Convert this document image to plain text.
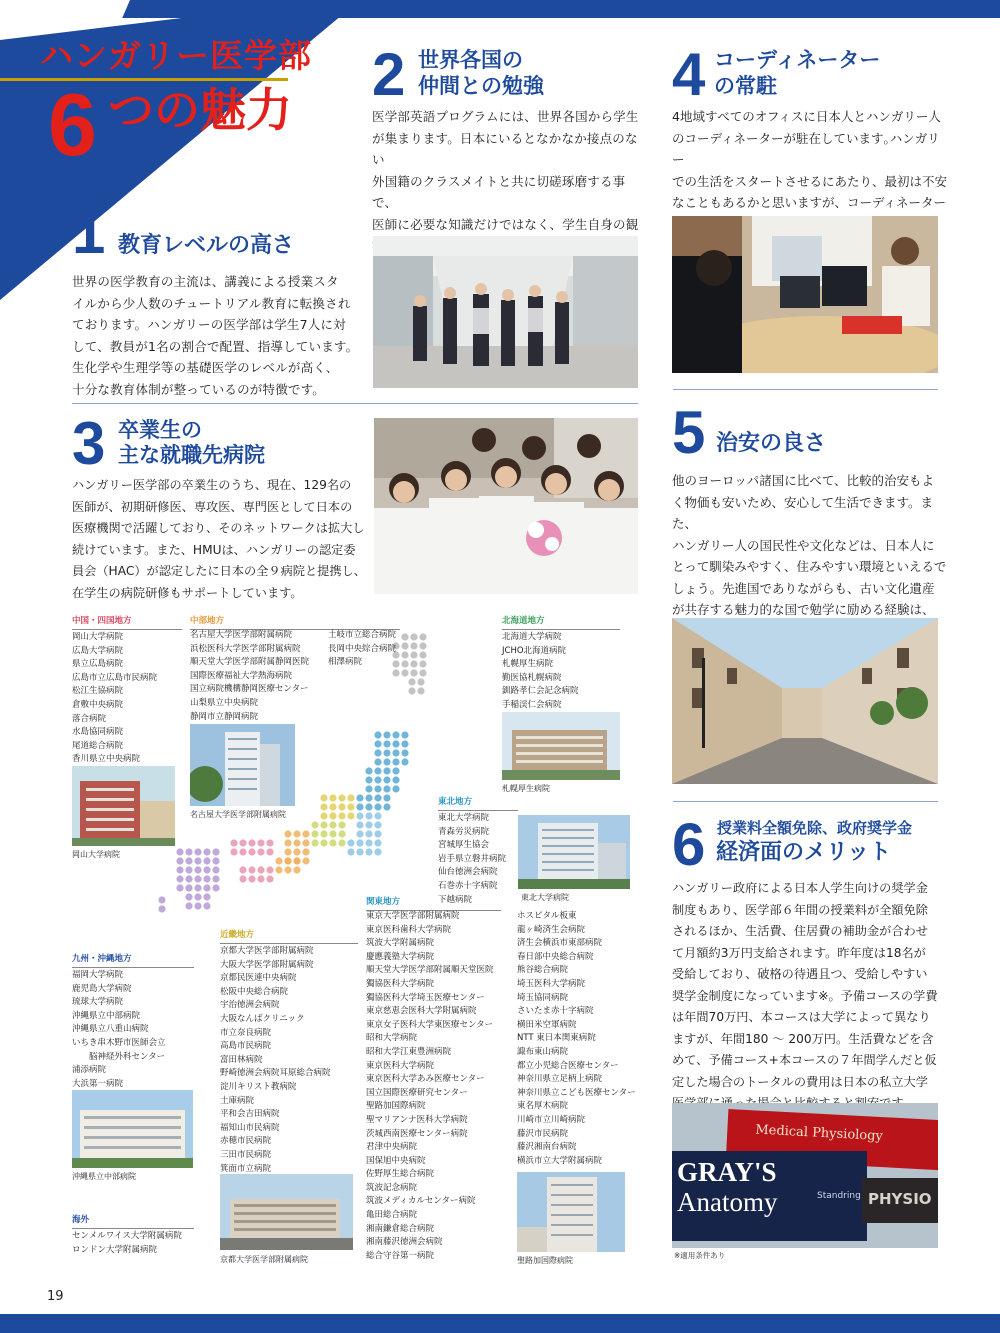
ハンガリー医学部
6 つの魅力
1 教育レベルの高さ
世界の医学教育の主流は、講義による授業スタ
イルから少人数のチュートリアル教育に転換され
ております。ハンガリーの医学部は学生7人に対
して、教員が1名の割合で配置、指導しています。
生化学や生理学等の基礎医学のレベルが高く、
十分な教育体制が整っているのが特徴です。
2 世界各国の
仲間との勉強
医学部英語プログラムには、世界各国から学生
が集まります。日本にいるとなかなか接点のない
外国籍のクラスメイトと共に切磋琢磨する事で、
医師に必要な知識だけではなく、学生自身の観
4 コーディネーター
の常駐
4地域すべてのオフィスに日本人とハンガリー人
のコーディネーターが駐在しています｡ハンガリー
での生活をスタートさせるにあたり、最初は不安
なこともあるかと思いますが、コーディネーター
3 卒業生の
主な就職先病院
ハンガリー医学部の卒業生のうち、現在、129名の
医師が、初期研修医、専攻医、専門医として日本の
医療機関で活躍しており、そのネットワークは拡大し
続けています。また、HMUは、ハンガリーの認定委
員会（HAC）が認定したに日本の全９病院と提携し、
在学生の病院研修もサポートしています。
5 治安の良さ
他のヨーロッパ諸国に比べて、比較的治安もよ
く物価も安いため、安心して生活できます。また、
ハンガリー人の国民性や文化などは、日本人に
とって馴染みやすく、住みやすい環境といえるで
しょう。先進国でありながらも、古い文化遺産
が共存する魅力的な国で勉学に励める経験は、
6 授業料全額免除、政府奨学金
経済面のメリット
ハンガリー政府による日本人学生向けの奨学金
制度もあり、医学部６年間の授業料が全額免除
されるほか、生活費、住居費の補助金が合わせ
て月額約3万円支給されます。昨年度は18名が
受給しており、破格の待遇且つ、受給しやすい
奨学金制度になっています※。予備コースの学費
は年間70万円、本コースは大学によって異なり
ますが、年間180 ～ 200万円。生活費などを含
めて、予備コース+本コースの７年間学んだと仮
定した場合のトータルの費用は日本の私立大学
Medical Physiology
GRAY'S
Anatomy	Standring PHYSIO
※適用条件あり
中国・四国地方
岡山大学病院
広島大学病院
県立広島病院
広島市立広島市民病院
松江生協病院
倉敷中央病院
落合病院
水島協同病院
尾道総合病院
香川県立中央病院
岡山大学病院
中部地方
名古屋大学医学部附属病院
浜松医科大学医学部附属病院
順天堂大学医学部附属静岡医院
国際医療福祉大学熱海病院
国立病院機構静岡医療センター
山梨県立中央病院
静岡市立静岡病院
土岐市立総合病院
長岡中央綜合病院
相澤病院
名古屋大学医学部附属病院
北海道地方
北海道大学病院
JCHO北海道病院
札幌厚生病院
勤医協札幌病院
釧路孝仁会記念病院
手稲渓仁会病院
札幌厚生病院
東北地方
東北大学病院
青森労災病院
宮城厚生協会
岩手県立磐井病院
仙台徳洲会病院
石巻赤十字病院
下越病院	東北大学病院
関東地方
東京大学医学部附属病院
東京医科歯科大学病院
筑波大学附属病院
慶應義塾大学病院
順天堂大学医学部附属順天堂医院
獨協医科大学病院
獨協医科大学埼玉医療センター
東京慈恵会医科大学附属病院
東京女子医科大学東医療センター
昭和大学病院
昭和大学江東豊洲病院
東京医科大学病院
東京医科大学あみ医療センター
国立国際医療研究センター
聖路加国際病院
聖マリアンナ医科大学病院
茨城西南医療センター病院
君津中央病院
国保旭中央病院
佐野厚生総合病院
筑波記念病院
筑波メディカルセンター病院
亀田総合病院
湘南鎌倉総合病院
湘南藤沢徳洲会病院
総合守谷第一病院
ホスピタル板東
龍ヶ崎済生会病院
済生会横浜市東部病院
春日部中央総合病院
熊谷総合病院
埼玉医科大学病院
埼玉協同病院
さいたま赤十字病院
横田米空軍病院
NTT 東日本関東病院
諏布東山病院
都立小児総合医療センター
神奈川県立足柄上病院
神奈川県立こども医療センター
東名厚木病院
川崎市立川崎病院
藤沢市民病院
藤沢湘南台病院
横浜市立大学附属病院
聖路加国際病院
近畿地方
京都大学医学部附属病院
大阪大学医学部附属病院
京都民医連中央病院
松阪中央総合病院
宇治徳洲会病院
大阪なんばクリニック
市立奈良病院
高島市民病院
富田林病院
野崎徳洲会病院耳原総合病院
淀川キリスト教病院
土庫病院
平和会吉田病院
福知山市民病院
赤穂市民病院
三田市民病院
箕面市立病院
京都大学医学部附属病院
九州・沖縄地方
福岡大学病院
鹿児島大学病院
琉球大学病院
沖縄県立中部病院
沖縄県立八重山病院
いちき串木野市医師会立
　　脳神経外科センター
浦添病院
大浜第一病院
沖縄県立中部病院
海外
センメルワイス大学附属病院
ロンドン大学附属病院
19
